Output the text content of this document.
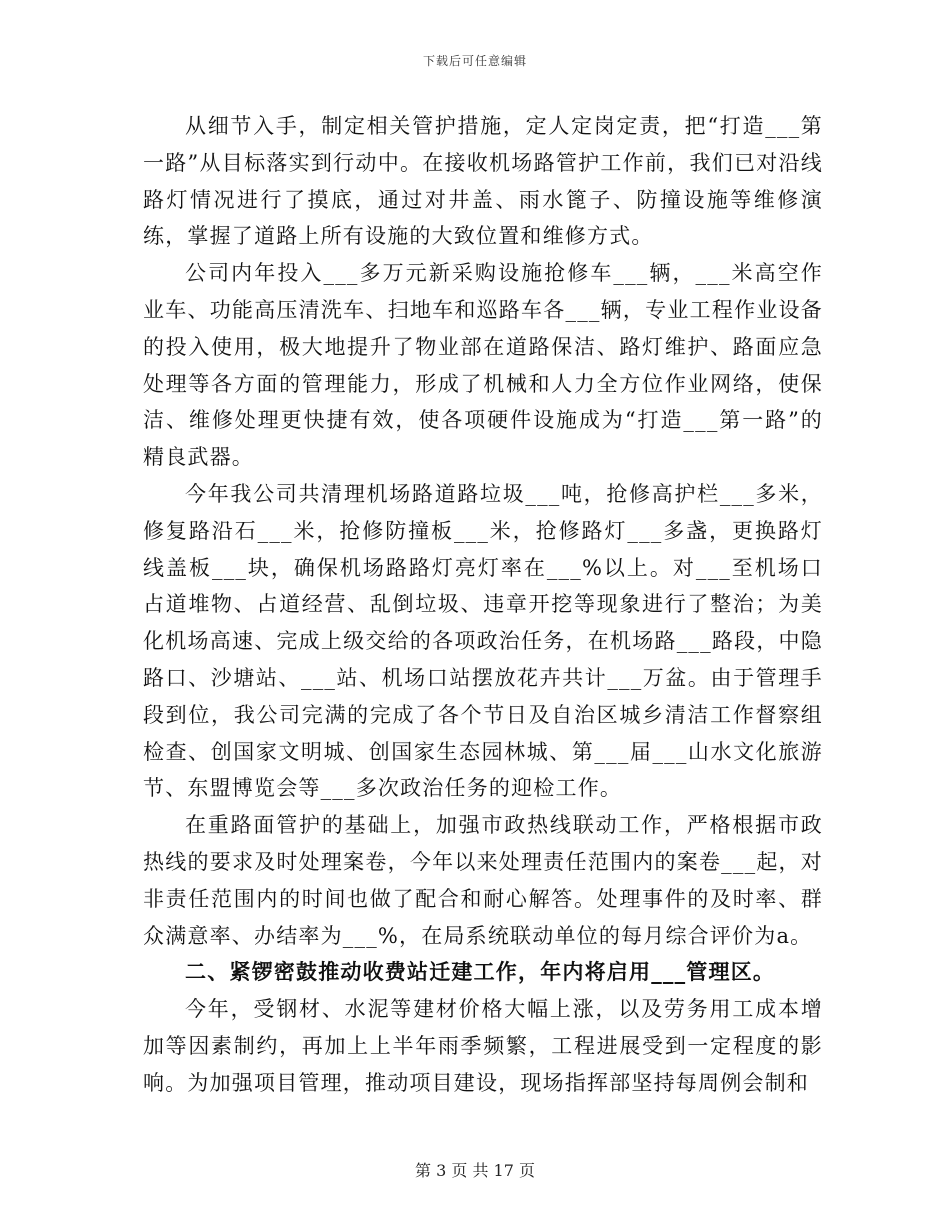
下载后可任意编辑

从细节入手，制定相关管护措施，定人定岗定责，把“打造___第一路”从目标落实到行动中。在接收机场路管护工作前，我们已对沿线路灯情况进行了摸底，通过对井盖、雨水篦子、防撞设施等维修演练，掌握了道路上所有设施的大致位置和维修方式。

公司内年投入___多万元新采购设施抢修车___辆，___米高空作业车、功能高压清洗车、扫地车和巡路车各___辆，专业工程作业设备的投入使用，极大地提升了物业部在道路保洁、路灯维护、路面应急处理等各方面的管理能力，形成了机械和人力全方位作业网络，使保洁、维修处理更快捷有效，使各项硬件设施成为“打造___第一路”的精良武器。

今年我公司共清理机场路道路垃圾___吨，抢修高护栏___多米，修复路沿石___米，抢修防撞板___米，抢修路灯___多盏，更换路灯线盖板___块，确保机场路路灯亮灯率在___%以上。对___至机场口占道堆物、占道经营、乱倒垃圾、违章开挖等现象进行了整治；为美化机场高速、完成上级交给的各项政治任务，在机场路___路段，中隐路口、沙塘站、___站、机场口站摆放花卉共计___万盆。由于管理手段到位，我公司完满的完成了各个节日及自治区城乡清洁工作督察组检查、创国家文明城、创国家生态园林城、第___届___山水文化旅游节、东盟博览会等___多次政治任务的迎检工作。

在重路面管护的基础上，加强市政热线联动工作，严格根据市政热线的要求及时处理案卷，今年以来处理责任范围内的案卷___起，对非责任范围内的时间也做了配合和耐心解答。处理事件的及时率、群众满意率、办结率为___%，在局系统联动单位的每月综合评价为a。

二、紧锣密鼓推动收费站迁建工作，年内将启用___管理区。

今年，受钢材、水泥等建材价格大幅上涨，以及劳务用工成本增加等因素制约，再加上上半年雨季频繁，工程进展受到一定程度的影响。为加强项目管理，推动项目建设，现场指挥部坚持每周例会制和

第 3 页 共 17 页
